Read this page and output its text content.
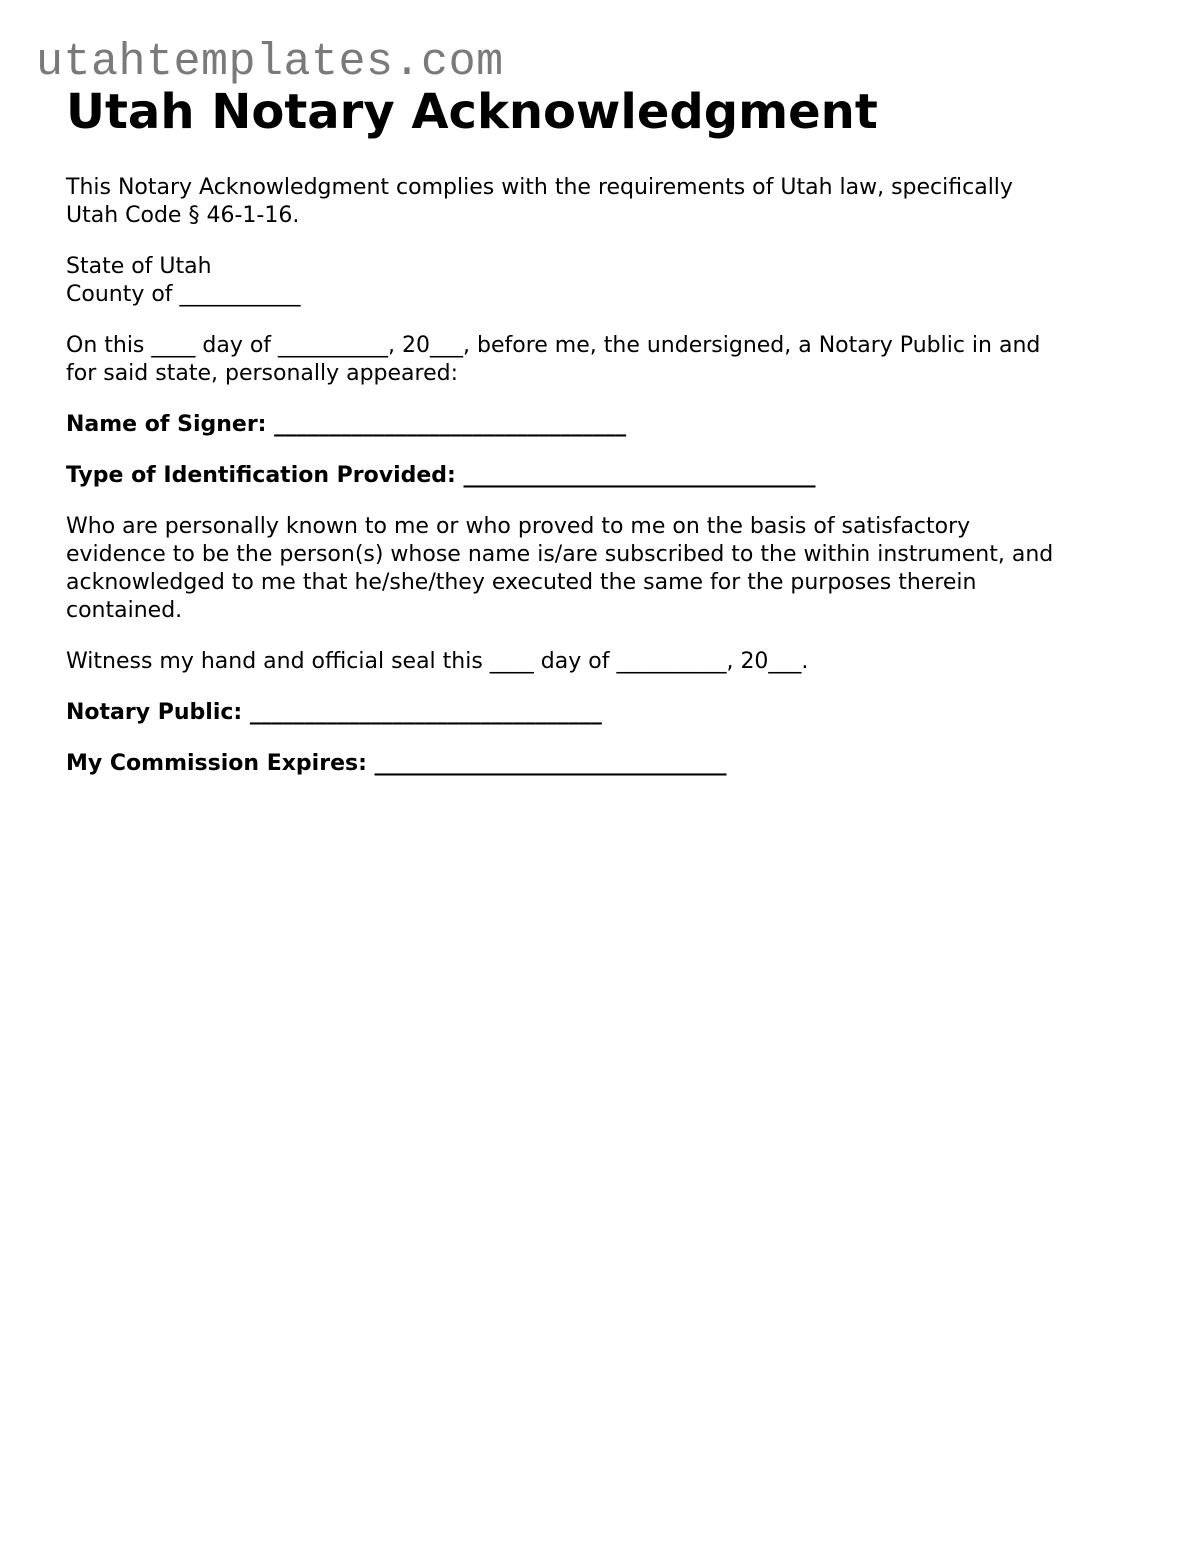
utahtemplates.com
Utah Notary Acknowledgment
This Notary Acknowledgment complies with the requirements of Utah law, specifically
Utah Code § 46-1-16.
State of Utah
County of ___________
On this ____ day of __________, 20___, before me, the undersigned, a Notary Public in and
for said state, personally appeared:
Name of Signer: ________________________________
Type of Identification Provided: ________________________________
Who are personally known to me or who proved to me on the basis of satisfactory
evidence to be the person(s) whose name is/are subscribed to the within instrument, and
acknowledged to me that he/she/they executed the same for the purposes therein
contained.
Witness my hand and official seal this ____ day of __________, 20___.
Notary Public: ________________________________
My Commission Expires: ________________________________
